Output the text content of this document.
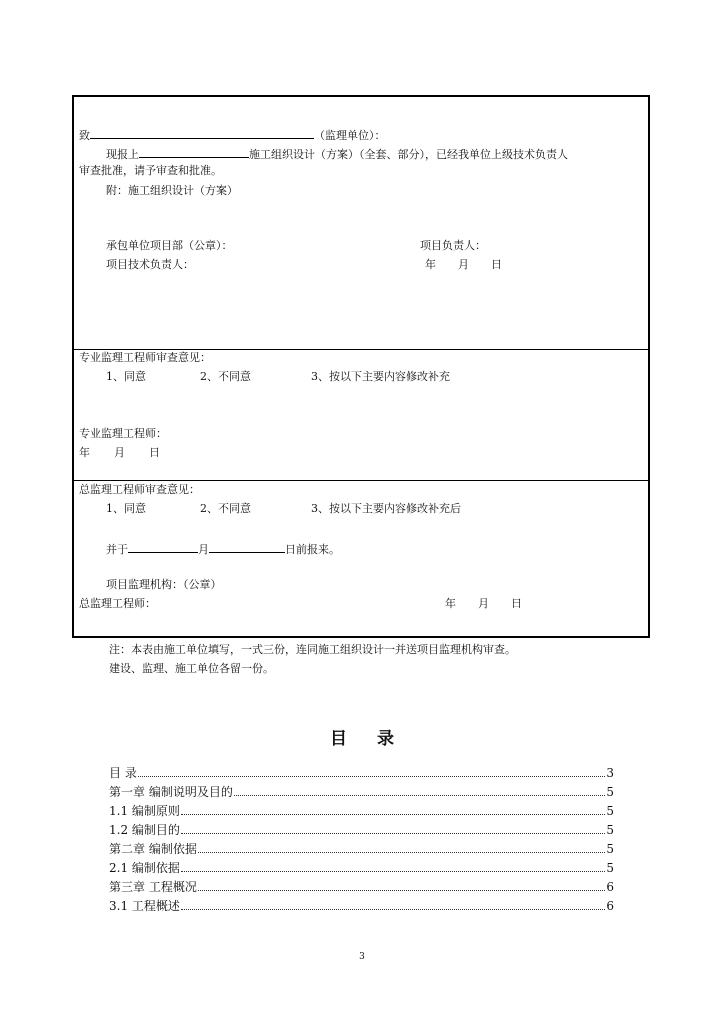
致	（监理单位）：
现报上	施工组织设计（方案）（全套、部分），已经我单位上级技术负责人
审查批准，请予审查和批准。
附：施工组织设计（方案）
承包单位项目部（公章）：	项目负责人：
项目技术负责人：	年 月 日
专业监理工程师审查意见：
1、同意	2、不同意	3、按以下主要内容修改补充
专业监理工程师：
年 月 日
总监理工程师审查意见：
1、同意	2、不同意	3、按以下主要内容修改补充后
并于	月	日前报来。
项目监理机构：（公章）
总监理工程师：	年 月 日
注：本表由施工单位填写，一式三份，连同施工组织设计一并送项目监理机构审查。
建设、监理、施工单位各留一份。
目录
目 录	3
第一章 编制说明及目的	5
1.1 编制原则	5
1.2 编制目的	5
第二章 编制依据	5
2.1 编制依据	5
第三章 工程概况	6
3.1 工程概述	6
3
